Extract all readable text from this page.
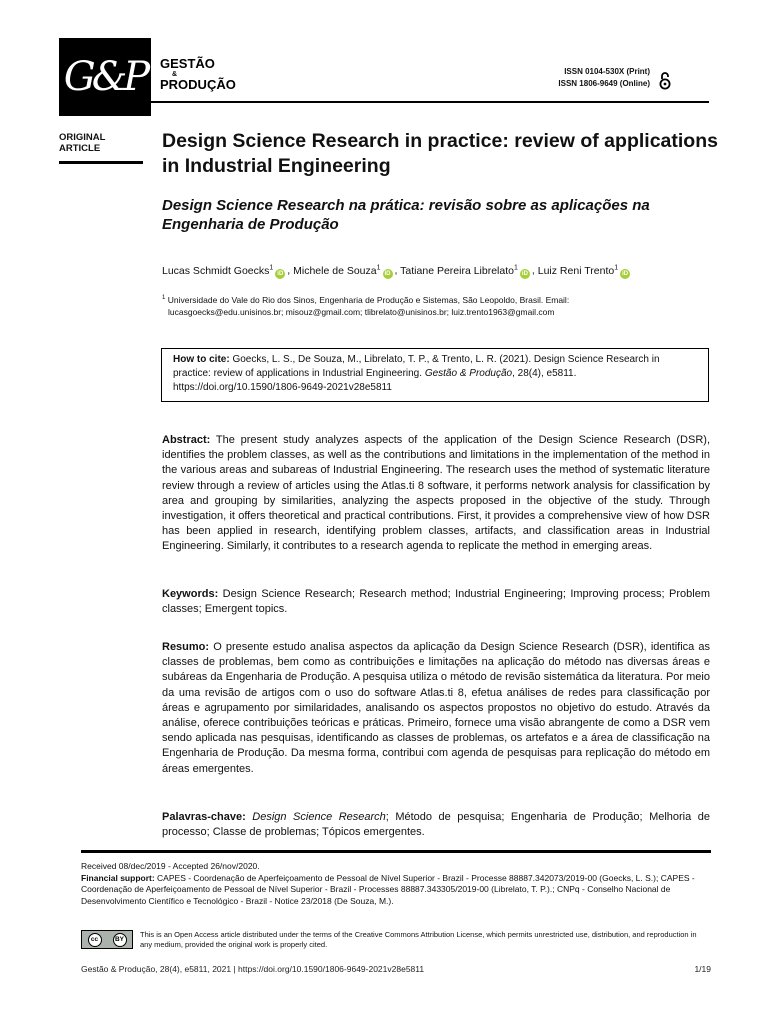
G&P GESTÃO
&
PRODUÇÃO
ISSN 0104-530X (Print)
ISSN 1806-9649 (Online)
ORIGINAL
ARTICLE	Design Science Research in practice: review of applications in Industrial Engineering
Design Science Research na prática: revisão sobre as aplicações na Engenharia de Produção
Lucas Schmidt Goecks$^1$iD , Michele de Souza$^1$iD , Tatiane Pereira Librelato$^1$iD , Luiz Reni Trento$^1$iD
$^1$ Universidade do Vale do Rio dos Sinos, Engenharia de Produção e Sistemas, São Leopoldo, Brasil. Email:
lucasgoecks@edu.unisinos.br; misouz@gmail.com; tlibrelato@unisinos.br; luiz.trento1963@gmail.com
How to cite: Goecks, L. S., De Souza, M., Librelato, T. P., & Trento, L. R. (2021). Design Science Research in practice: review of applications in Industrial Engineering. Gestão & Produção, 28(4), e5811. https://doi.org/10.1590/1806-9649-2021v28e5811

Abstract: The present study analyzes aspects of the application of the Design Science Research (DSR), identifies the problem classes, as well as the contributions and limitations in the implementation of the method in the various areas and subareas of Industrial Engineering. The research uses the method of systematic literature review through a review of articles using the Atlas.ti 8 software, it performs network analysis for classification by area and grouping by similarities, analyzing the aspects proposed in the objective of the study. Through investigation, it offers theoretical and practical contributions. First, it provides a comprehensive view of how DSR has been applied in research, identifying problem classes, artifacts, and classification areas in Industrial Engineering. Similarly, it contributes to a research agenda to replicate the method in emerging areas.

Keywords: Design Science Research; Research method; Industrial Engineering; Improving process; Problem classes; Emergent topics.

Resumo: O presente estudo analisa aspectos da aplicação da Design Science Research (DSR), identifica as classes de problemas, bem como as contribuições e limitações na aplicação do método nas diversas áreas e subáreas da Engenharia de Produção. A pesquisa utiliza o método de revisão sistemática da literatura. Por meio da uma revisão de artigos com o uso do software Atlas.ti 8, efetua análises de redes para classificação por áreas e agrupamento por similaridades, analisando os aspectos propostos no objetivo do estudo. Através da análise, oferece contribuições teóricas e práticas. Primeiro, fornece uma visão abrangente de como a DSR vem sendo aplicada nas pesquisas, identificando as classes de problemas, os artefatos e a área de classificação na Engenharia de Produção. Da mesma forma, contribui com agenda de pesquisas para replicação do método em áreas emergentes.

Palavras-chave: Design Science Research; Método de pesquisa; Engenharia de Produção; Melhoria de processo; Classe de problemas; Tópicos emergentes.

Received 08/dec/2019 - Accepted 26/nov/2020.
Financial support: CAPES - Coordenação de Aperfeiçoamento de Pessoal de Nível Superior - Brazil - Processe 88887.342073/2019-00 (Goecks, L. S.); CAPES - Coordenação de Aperfeiçoamento de Pessoal de Nível Superior - Brazil - Processes 88887.343305/2019-00 (Librelato, T. P.).; CNPq - Conselho Nacional de Desenvolvimento Científico e Tecnológico - Brazil - Notice 23/2018 (De Souza, M.).
cc	BY	This is an Open Access article distributed under the terms of the Creative Commons Attribution License, which permits unrestricted use, distribution, and reproduction in any medium, provided the original work is properly cited.
Gestão & Produção, 28(4), e5811, 2021 | https://doi.org/10.1590/1806-9649-2021v28e5811	1/19
